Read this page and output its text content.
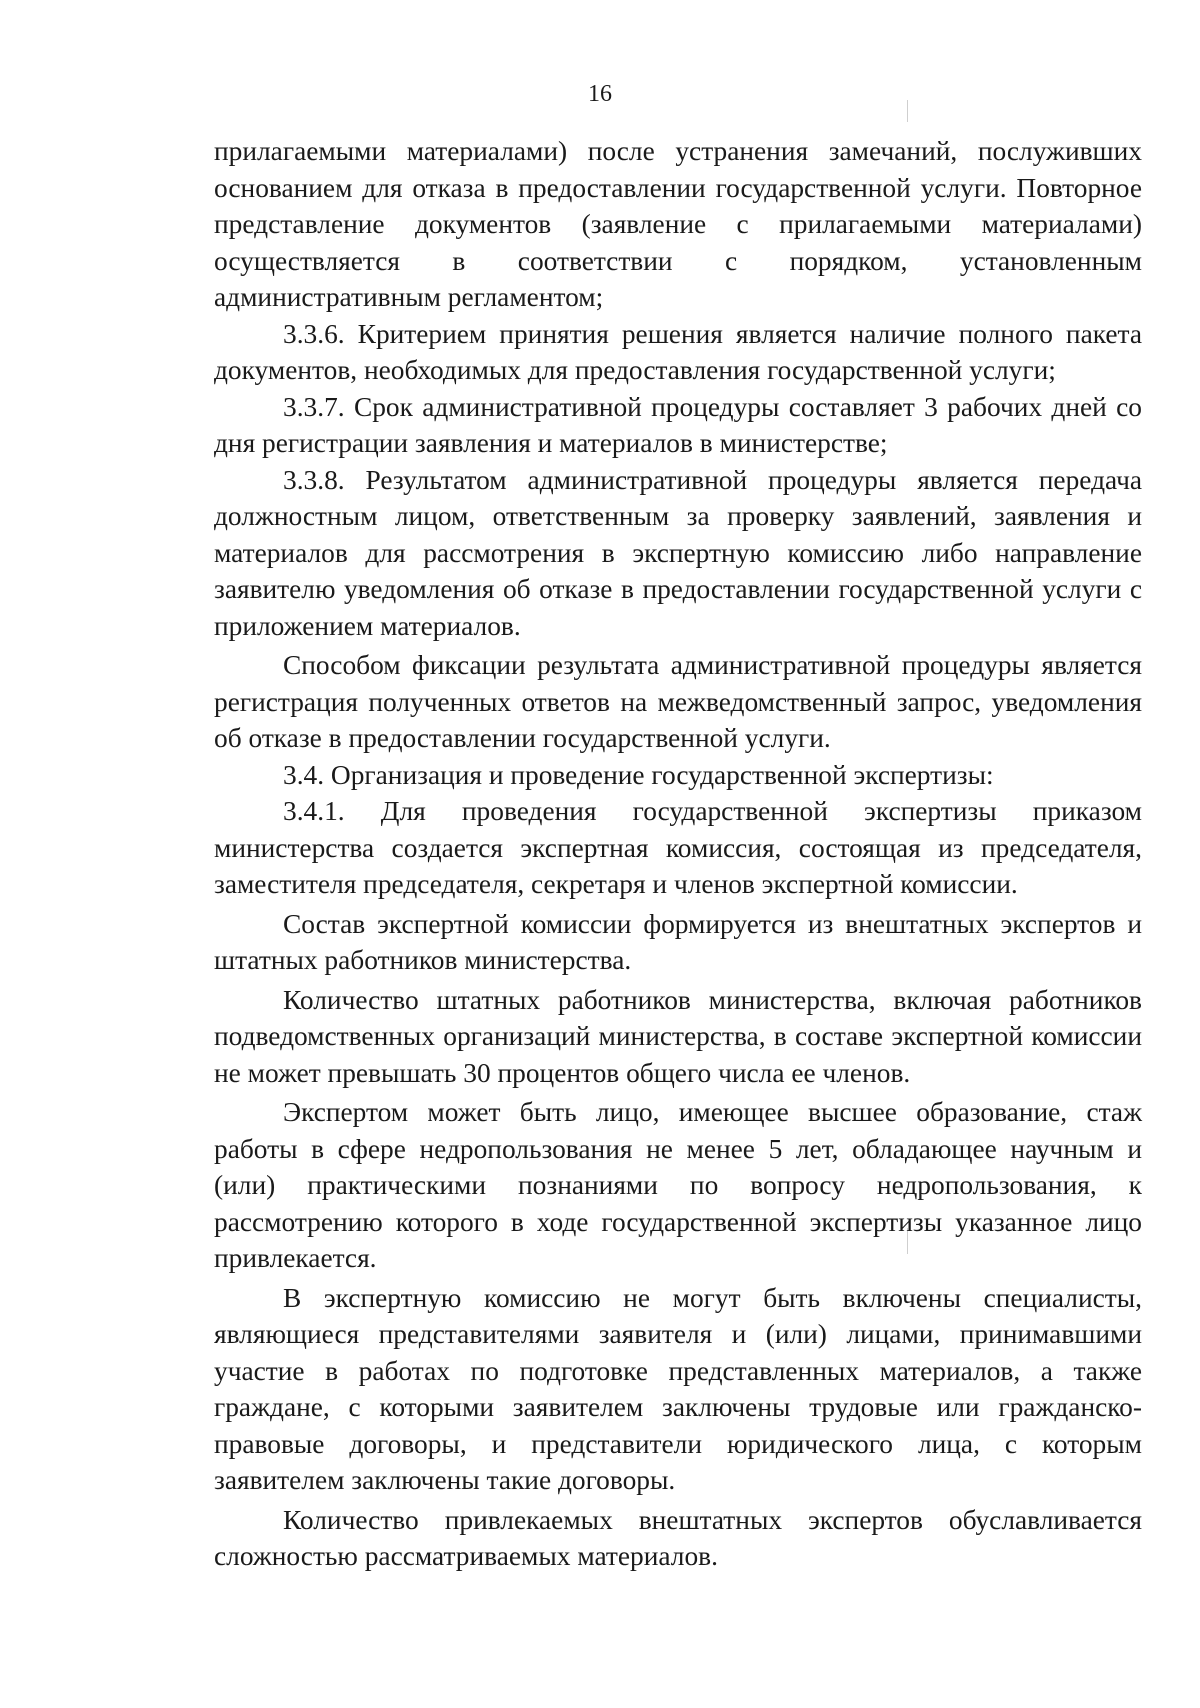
16

прилагаемыми материалами) после устранения замечаний, послуживших основанием для отказа в предоставлении государственной услуги. Повторное представление документов (заявление с прилагаемыми материалами) осуществляется в соответствии с порядком, установленным административным регламентом;

3.3.6. Критерием принятия решения является наличие полного пакета документов, необходимых для предоставления государственной услуги;

3.3.7. Срок административной процедуры составляет 3 рабочих дней со дня регистрации заявления и материалов в министерстве;

3.3.8. Результатом административной процедуры является передача должностным лицом, ответственным за проверку заявлений, заявления и материалов для рассмотрения в экспертную комиссию либо направление заявителю уведомления об отказе в предоставлении государственной услуги с приложением материалов.

Способом фиксации результата административной процедуры является регистрация полученных ответов на межведомственный запрос, уведомления об отказе в предоставлении государственной услуги.

3.4. Организация и проведение государственной экспертизы:

3.4.1. Для проведения государственной экспертизы приказом министерства создается экспертная комиссия, состоящая из председателя, заместителя председателя, секретаря и членов экспертной комиссии.

Состав экспертной комиссии формируется из внештатных экспертов и штатных работников министерства.

Количество штатных работников министерства, включая работников подведомственных организаций министерства, в составе экспертной комиссии не может превышать 30 процентов общего числа ее членов.

Экспертом может быть лицо, имеющее высшее образование, стаж работы в сфере недропользования не менее 5 лет, обладающее научным и (или) практическими познаниями по вопросу недропользования, к рассмотрению которого в ходе государственной экспертизы указанное лицо привлекается.

В экспертную комиссию не могут быть включены специалисты, являющиеся представителями заявителя и (или) лицами, принимавшими участие в работах по подготовке представленных материалов, а также граждане, с которыми заявителем заключены трудовые или гражданско-правовые договоры, и представители юридического лица, с которым заявителем заключены такие договоры.

Количество привлекаемых внештатных экспертов обуславливается сложностью рассматриваемых материалов.
